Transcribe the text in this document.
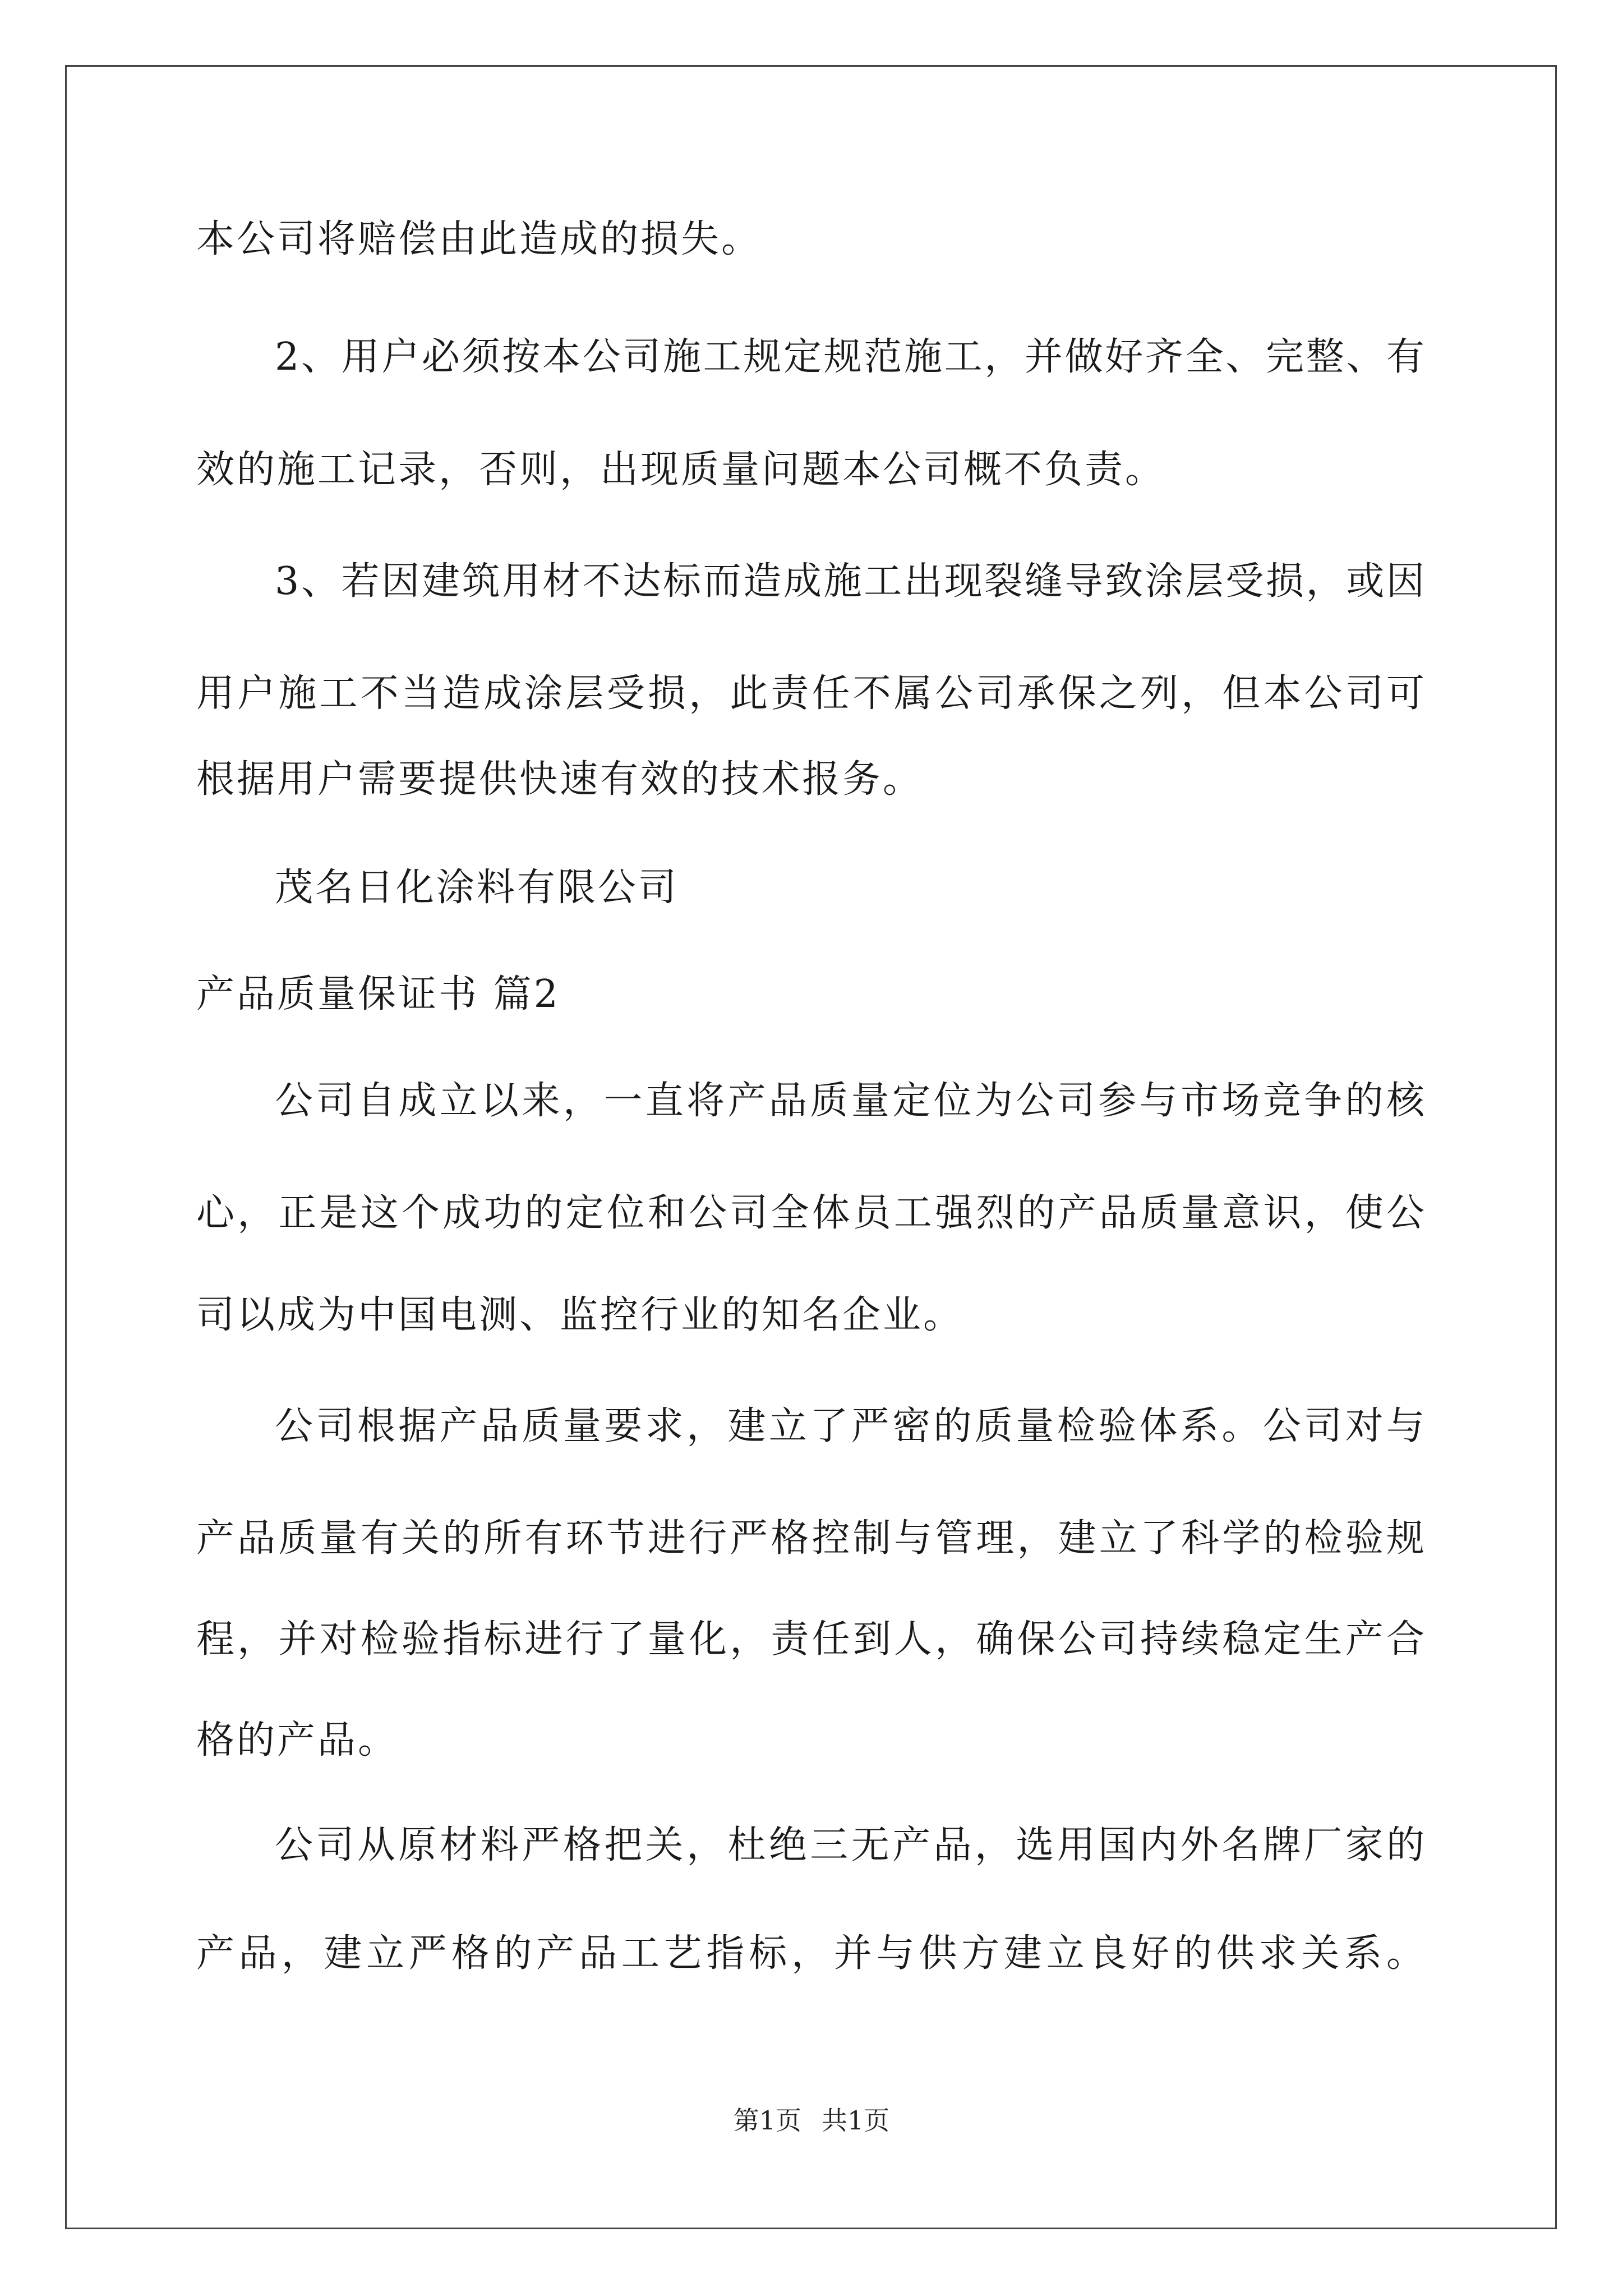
本公司将赔偿由此造成的损失。
2、用户必须按本公司施工规定规范施工，并做好齐全、完整、有
效的施工记录，否则，出现质量问题本公司概不负责。
3、若因建筑用材不达标而造成施工出现裂缝导致涂层受损，或因
用户施工不当造成涂层受损，此责任不属公司承保之列，但本公司可
根据用户需要提供快速有效的技术报务。
茂名日化涂料有限公司
产品质量保证书 篇2
公司自成立以来，一直将产品质量定位为公司参与市场竞争的核
心，正是这个成功的定位和公司全体员工强烈的产品质量意识，使公
司以成为中国电测、监控行业的知名企业。
公司根据产品质量要求，建立了严密的质量检验体系。公司对与
产品质量有关的所有环节进行严格控制与管理，建立了科学的检验规
程，并对检验指标进行了量化，责任到人，确保公司持续稳定生产合
格的产品。
公司从原材料严格把关，杜绝三无产品，选用国内外名牌厂家的
产品，建立严格的产品工艺指标，并与供方建立良好的供求关系。
第1页 共1页
